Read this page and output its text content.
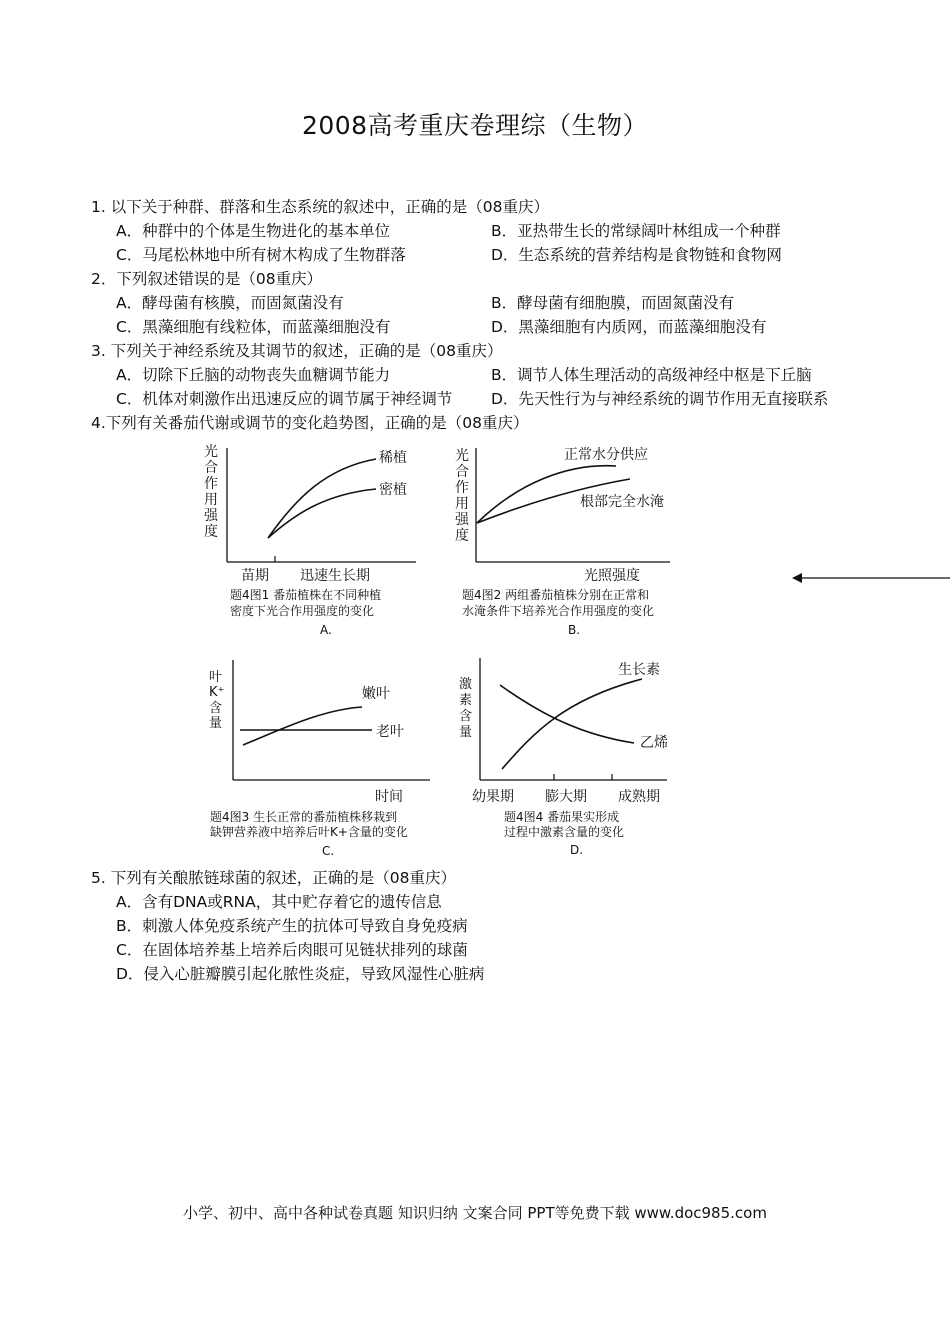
2008高考重庆卷理综（生物）
1. 以下关于种群、群落和生态系统的叙述中，正确的是（08重庆）
A．种群中的个体是生物进化的基本单位	B．亚热带生长的常绿阔叶林组成一个种群
C．马尾松林地中所有树木构成了生物群落	D．生态系统的营养结构是食物链和食物网
2．下列叙述错误的是（08重庆）
A．酵母菌有核膜，而固氮菌没有	B．酵母菌有细胞膜，而固氮菌没有
C．黑藻细胞有线粒体，而蓝藻细胞没有	D．黑藻细胞有内质网，而蓝藻细胞没有
3. 下列关于神经系统及其调节的叙述，正确的是（08重庆）
A．切除下丘脑的动物丧失血糖调节能力	B．调节人体生理活动的高级神经中枢是下丘脑
C．机体对刺激作出迅速反应的调节属于神经调节 D．先天性行为与神经系统的调节作用无直接联系
4.下列有关番茄代谢或调节的变化趋势图，正确的是（08重庆）
光
合
作
用
强
度
稀植
密植
苗期 迅速生长期
题4图1 番茄植株在不同种植
密度下光合作用强度的变化
A.
光
合
作
用
强
度
正常水分供应
根部完全水淹
光照强度
题4图2 两组番茄植株分别在正常和
水淹条件下培养光合作用强度的变化
B.
叶
K⁺
含
量
嫩叶
老叶
时间
题4图3 生长正常的番茄植株移栽到
缺钾营养液中培养后叶K+含量的变化
C.
激
素
含
量
生长素
乙烯
幼果期 膨大期 成熟期
题4图4 番茄果实形成
过程中激素含量的变化
D.
5. 下列有关酿脓链球菌的叙述，正确的是（08重庆）
A．含有DNA或RNA，其中贮存着它的遗传信息
B．刺激人体免疫系统产生的抗体可导致自身免疫病
C．在固体培养基上培养后肉眼可见链状排列的球菌
D．侵入心脏瓣膜引起化脓性炎症，导致风湿性心脏病
小学、初中、高中各种试卷真题 知识归纳 文案合同 PPT等免费下载 www.doc985.com
